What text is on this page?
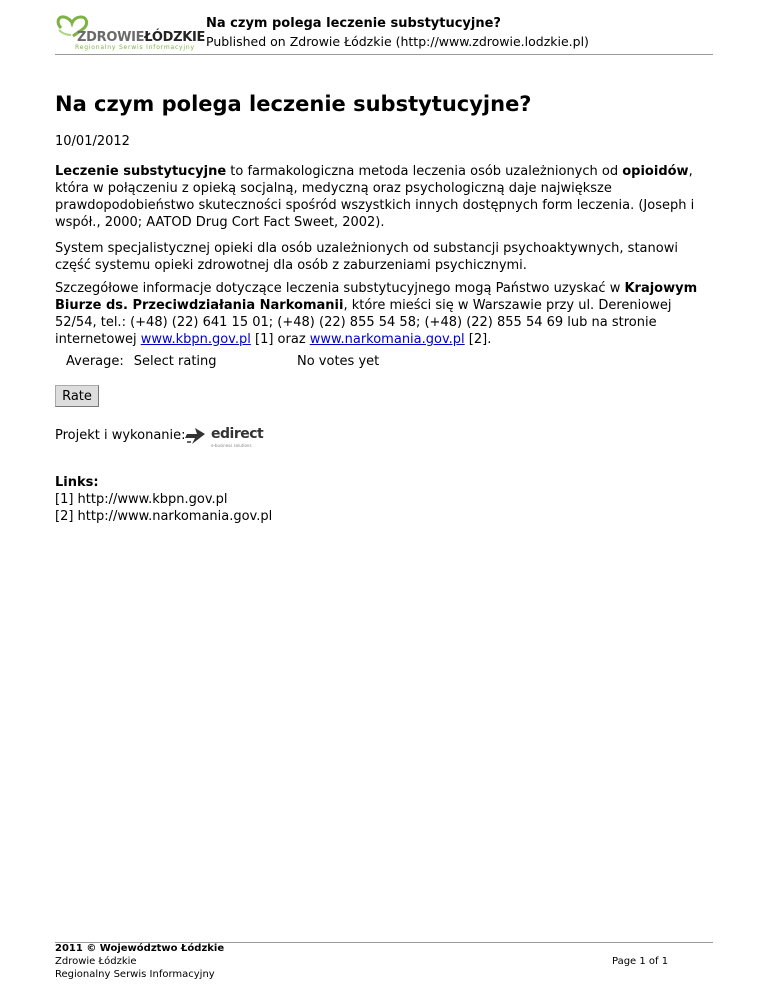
ZDROWIEŁÓDZKIE
Regionalny Serwis Informacyjny
Na czym polega leczenie substytucyjne?
Published on Zdrowie Łódzkie (http://www.zdrowie.lodzkie.pl)
Na czym polega leczenie substytucyjne?
10/01/2012

Leczenie substytucyjne to farmakologiczna metoda leczenia osób uzależnionych od opioidów, która w połączeniu z opieką socjalną, medyczną oraz psychologiczną daje największe prawdopodobieństwo skuteczności spośród wszystkich innych dostępnych form leczenia. (Joseph i współ., 2000; AATOD Drug Cort Fact Sweet, 2002).

System specjalistycznej opieki dla osób uzależnionych od substancji psychoaktywnych, stanowi część systemu opieki zdrowotnej dla osób z zaburzeniami psychicznymi.

Szczegółowe informacje dotyczące leczenia substytucyjnego mogą Państwo uzyskać w Krajowym Biurze ds. Przeciwdziałania Narkomanii, które mieści się w Warszawie przy ul. Dereniowej 52/54, tel.: (+48) (22) 641 15 01; (+48) (22) 855 54 58; (+48) (22) 855 54 69 lub na stronie internetowej www.kbpn.gov.pl [1] oraz www.narkomania.gov.pl [2].

Average: Select rating	No votes yet
Rate
Projekt i wykonanie: edirect
e-business solutions
Links:
[1] http://www.kbpn.gov.pl
[2] http://www.narkomania.gov.pl
2011 © Województwo Łódzkie
Zdrowie Łódzkie
Regionalny Serwis Informacyjny
Page 1 of 1
